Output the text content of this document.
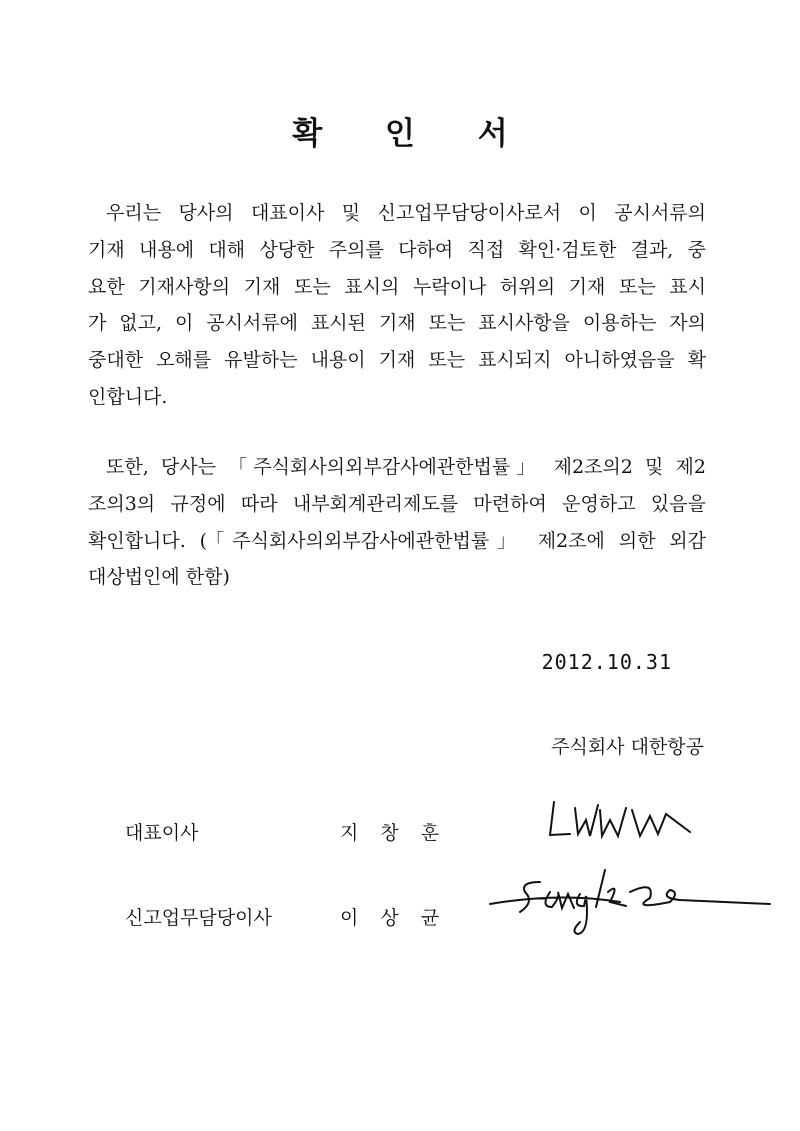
확 인 서
우리는 당사의 대표이사 및 신고업무담당이사로서 이 공시서류의
기재 내용에 대해 상당한 주의를 다하여 직접 확인·검토한 결과, 중
요한 기재사항의 기재 또는 표시의 누락이나 허위의 기재 또는 표시
가 없고, 이 공시서류에 표시된 기재 또는 표시사항을 이용하는 자의
중대한 오해를 유발하는 내용이 기재 또는 표시되지 아니하였음을 확
인합니다.
또한, 당사는 「주식회사의외부감사에관한법률」 제2조의2 및 제2
조의3의 규정에 따라 내부회계관리제도를 마련하여 운영하고 있음을
확인합니다. (「주식회사의외부감사에관한법률」 제2조에 의한 외감
대상법인에 한함)
2012.10.31
주식회사 대한항공
대표이사	지창훈
신고업무담당이사	이상균
